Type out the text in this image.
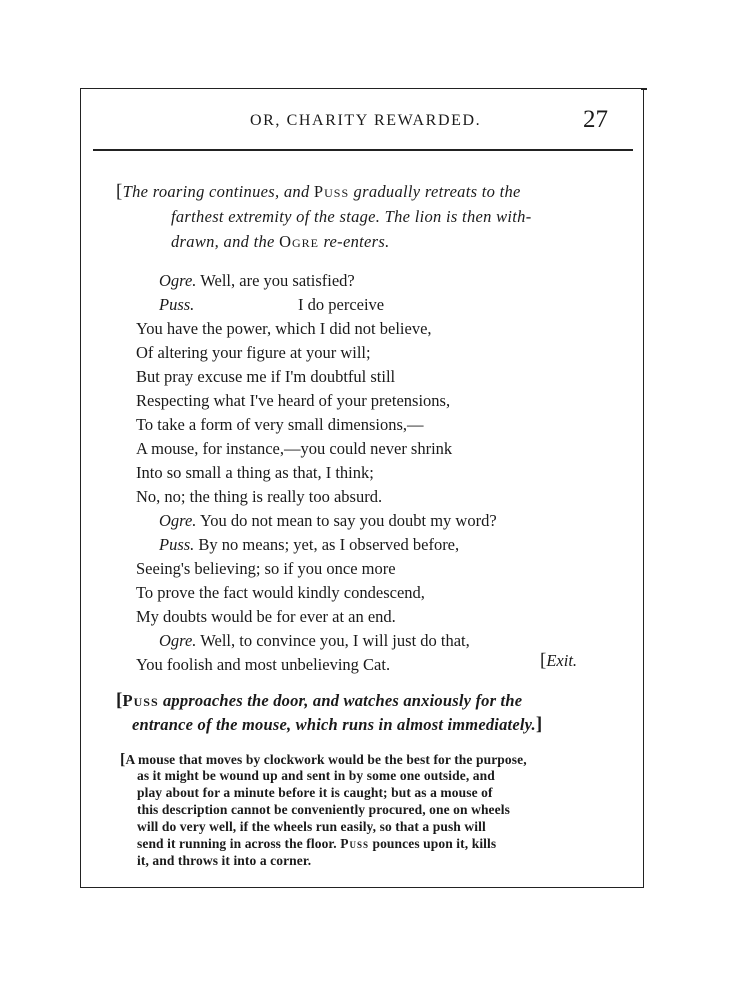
OR, CHARITY REWARDED.	27
[The roaring continues, and Puss gradually retreats to the
farthest extremity of the stage. The lion is then with-
drawn, and the Ogre re-enters.
Ogre. Well, are you satisfied?
Puss.	I do perceive
You have the power, which I did not believe,
Of altering your figure at your will;
But pray excuse me if I'm doubtful still
Respecting what I've heard of your pretensions,
To take a form of very small dimensions,—
A mouse, for instance,—you could never shrink
Into so small a thing as that, I think;
No, no; the thing is really too absurd.
Ogre. You do not mean to say you doubt my word?
Puss. By no means; yet, as I observed before,
Seeing's believing; so if you once more
To prove the fact would kindly condescend,
My doubts would be for ever at an end.
Ogre. Well, to convince you, I will just do that,
You foolish and most unbelieving Cat.	[Exit.
[Puss approaches the door, and watches anxiously for the
entrance of the mouse, which runs in almost immediately.]
[A mouse that moves by clockwork would be the best for the purpose,
as it might be wound up and sent in by some one outside, and
play about for a minute before it is caught; but as a mouse of
this description cannot be conveniently procured, one on wheels
will do very well, if the wheels run easily, so that a push will
send it running in across the floor. Puss pounces upon it, kills
it, and throws it into a corner.
